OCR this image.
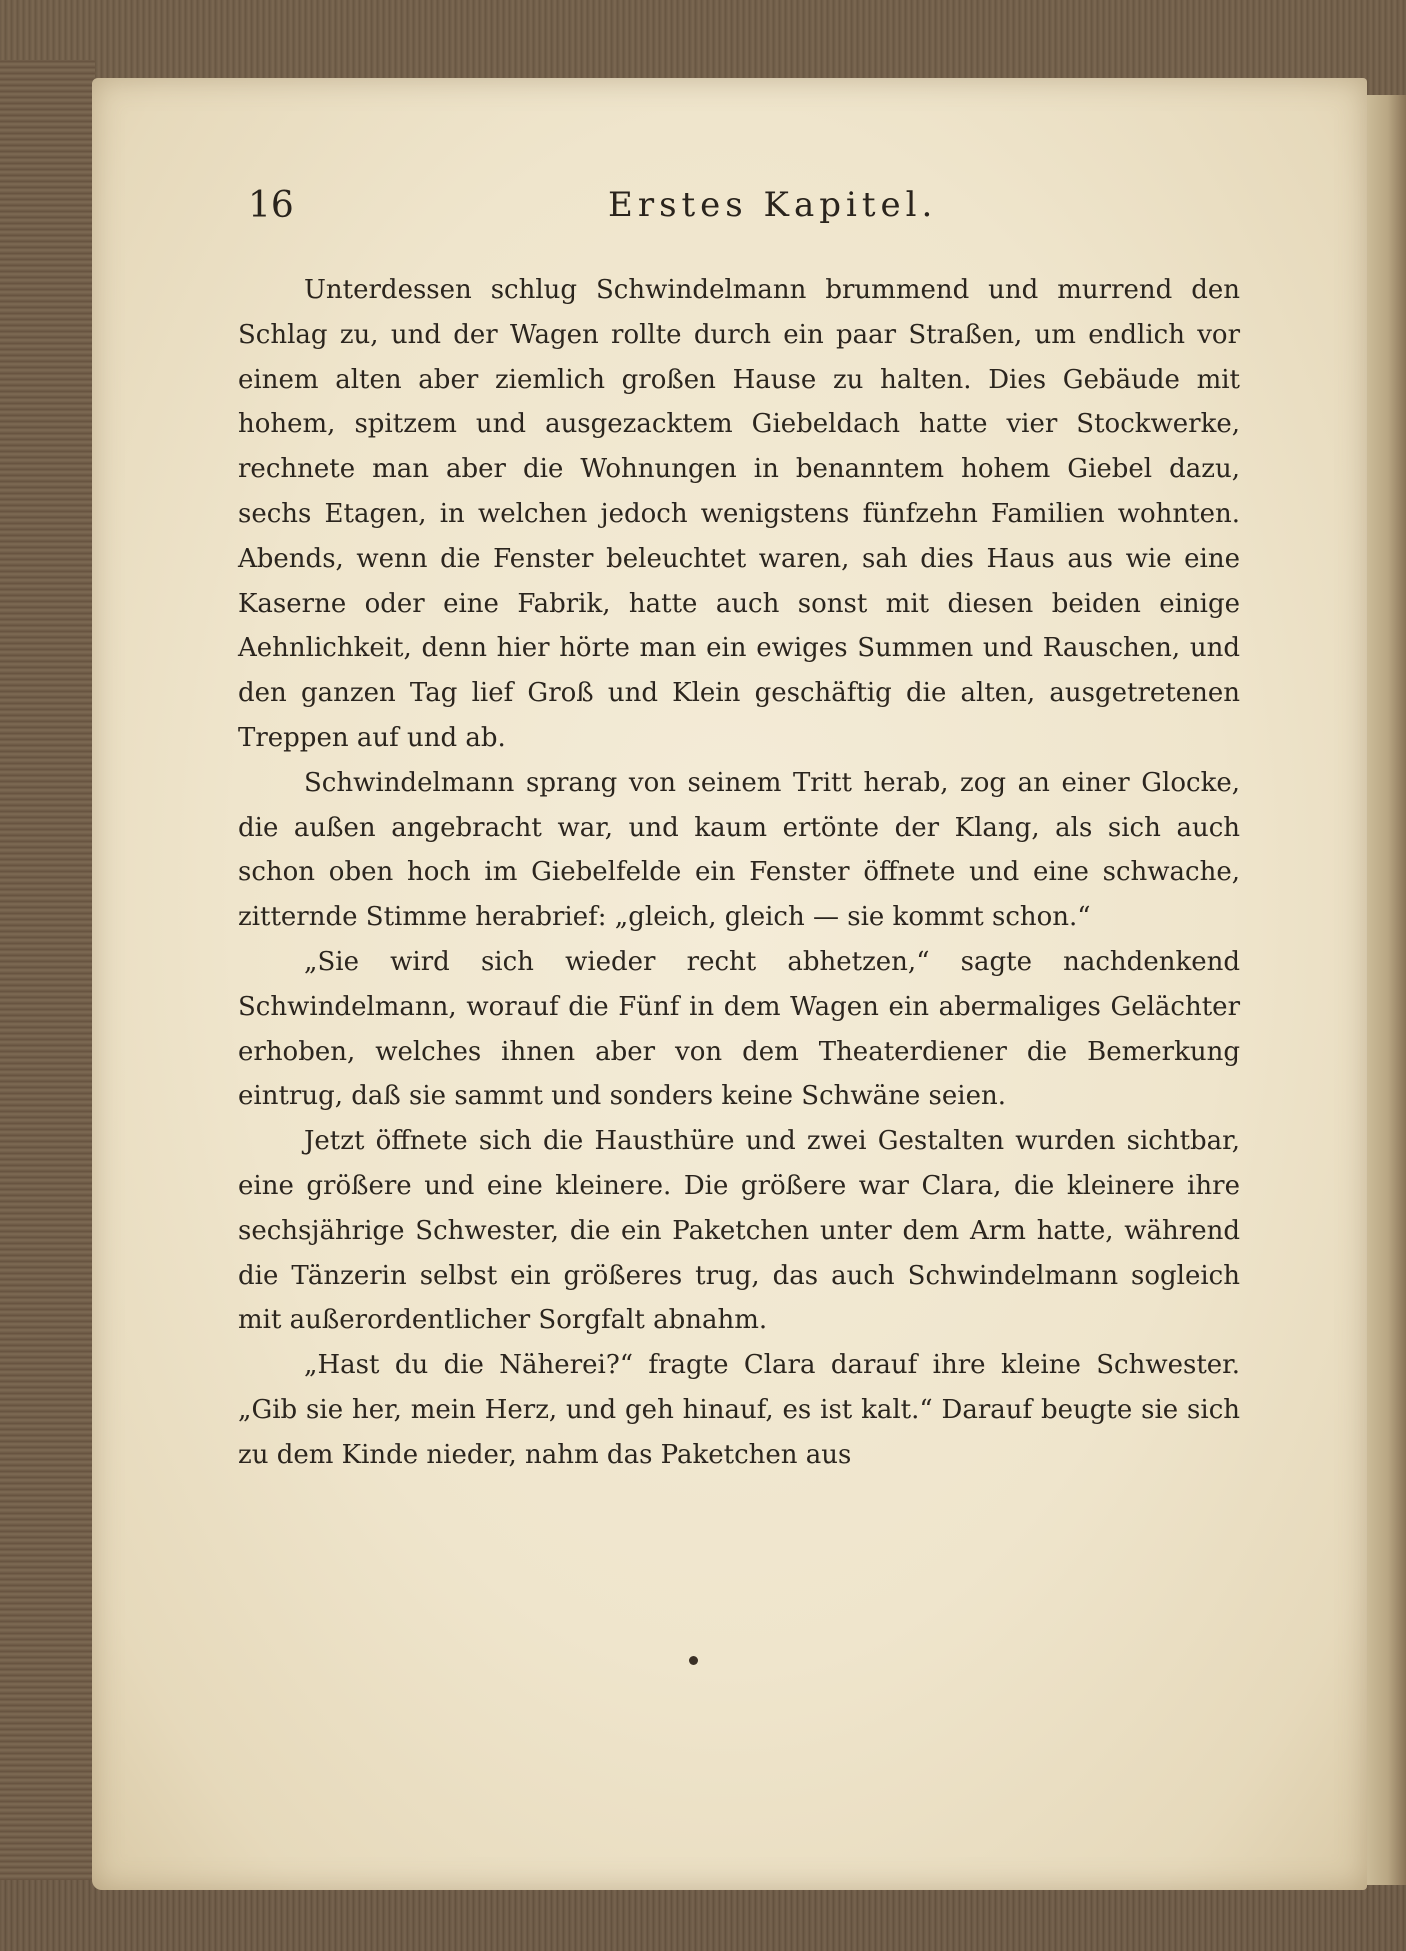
16	Erstes Kapitel.

Unterdessen schlug Schwindelmann brummend und murrend den Schlag zu, und der Wagen rollte durch ein paar Straßen, um endlich vor einem alten aber ziemlich großen Hause zu halten. Dies Gebäude mit hohem, spitzem und ausgezacktem Giebeldach hatte vier Stockwerke, rechnete man aber die Wohnungen in benanntem hohem Giebel dazu, sechs Etagen, in welchen jedoch wenigstens fünfzehn Familien wohnten. Abends, wenn die Fenster beleuchtet waren, sah dies Haus aus wie eine Kaserne oder eine Fabrik, hatte auch sonst mit diesen beiden einige Aehnlichkeit, denn hier hörte man ein ewiges Summen und Rauschen, und den ganzen Tag lief Groß und Klein geschäftig die alten, ausgetretenen Treppen auf und ab.

Schwindelmann sprang von seinem Tritt herab, zog an einer Glocke, die außen angebracht war, und kaum ertönte der Klang, als sich auch schon oben hoch im Giebelfelde ein Fenster öffnete und eine schwache, zitternde Stimme herabrief: „gleich, gleich — sie kommt schon.“

„Sie wird sich wieder recht abhetzen,“ sagte nachdenkend Schwindelmann, worauf die Fünf in dem Wagen ein abermaliges Gelächter erhoben, welches ihnen aber von dem Theaterdiener die Bemerkung eintrug, daß sie sammt und sonders keine Schwäne seien.

Jetzt öffnete sich die Hausthüre und zwei Gestalten wurden sichtbar, eine größere und eine kleinere. Die größere war Clara, die kleinere ihre sechsjährige Schwester, die ein Paketchen unter dem Arm hatte, während die Tänzerin selbst ein größeres trug, das auch Schwindelmann sogleich mit außerordentlicher Sorgfalt abnahm.

„Hast du die Näherei?“ fragte Clara darauf ihre kleine Schwester. „Gib sie her, mein Herz, und geh hinauf, es ist kalt.“ Darauf beugte sie sich zu dem Kinde nieder, nahm das Paketchen aus
